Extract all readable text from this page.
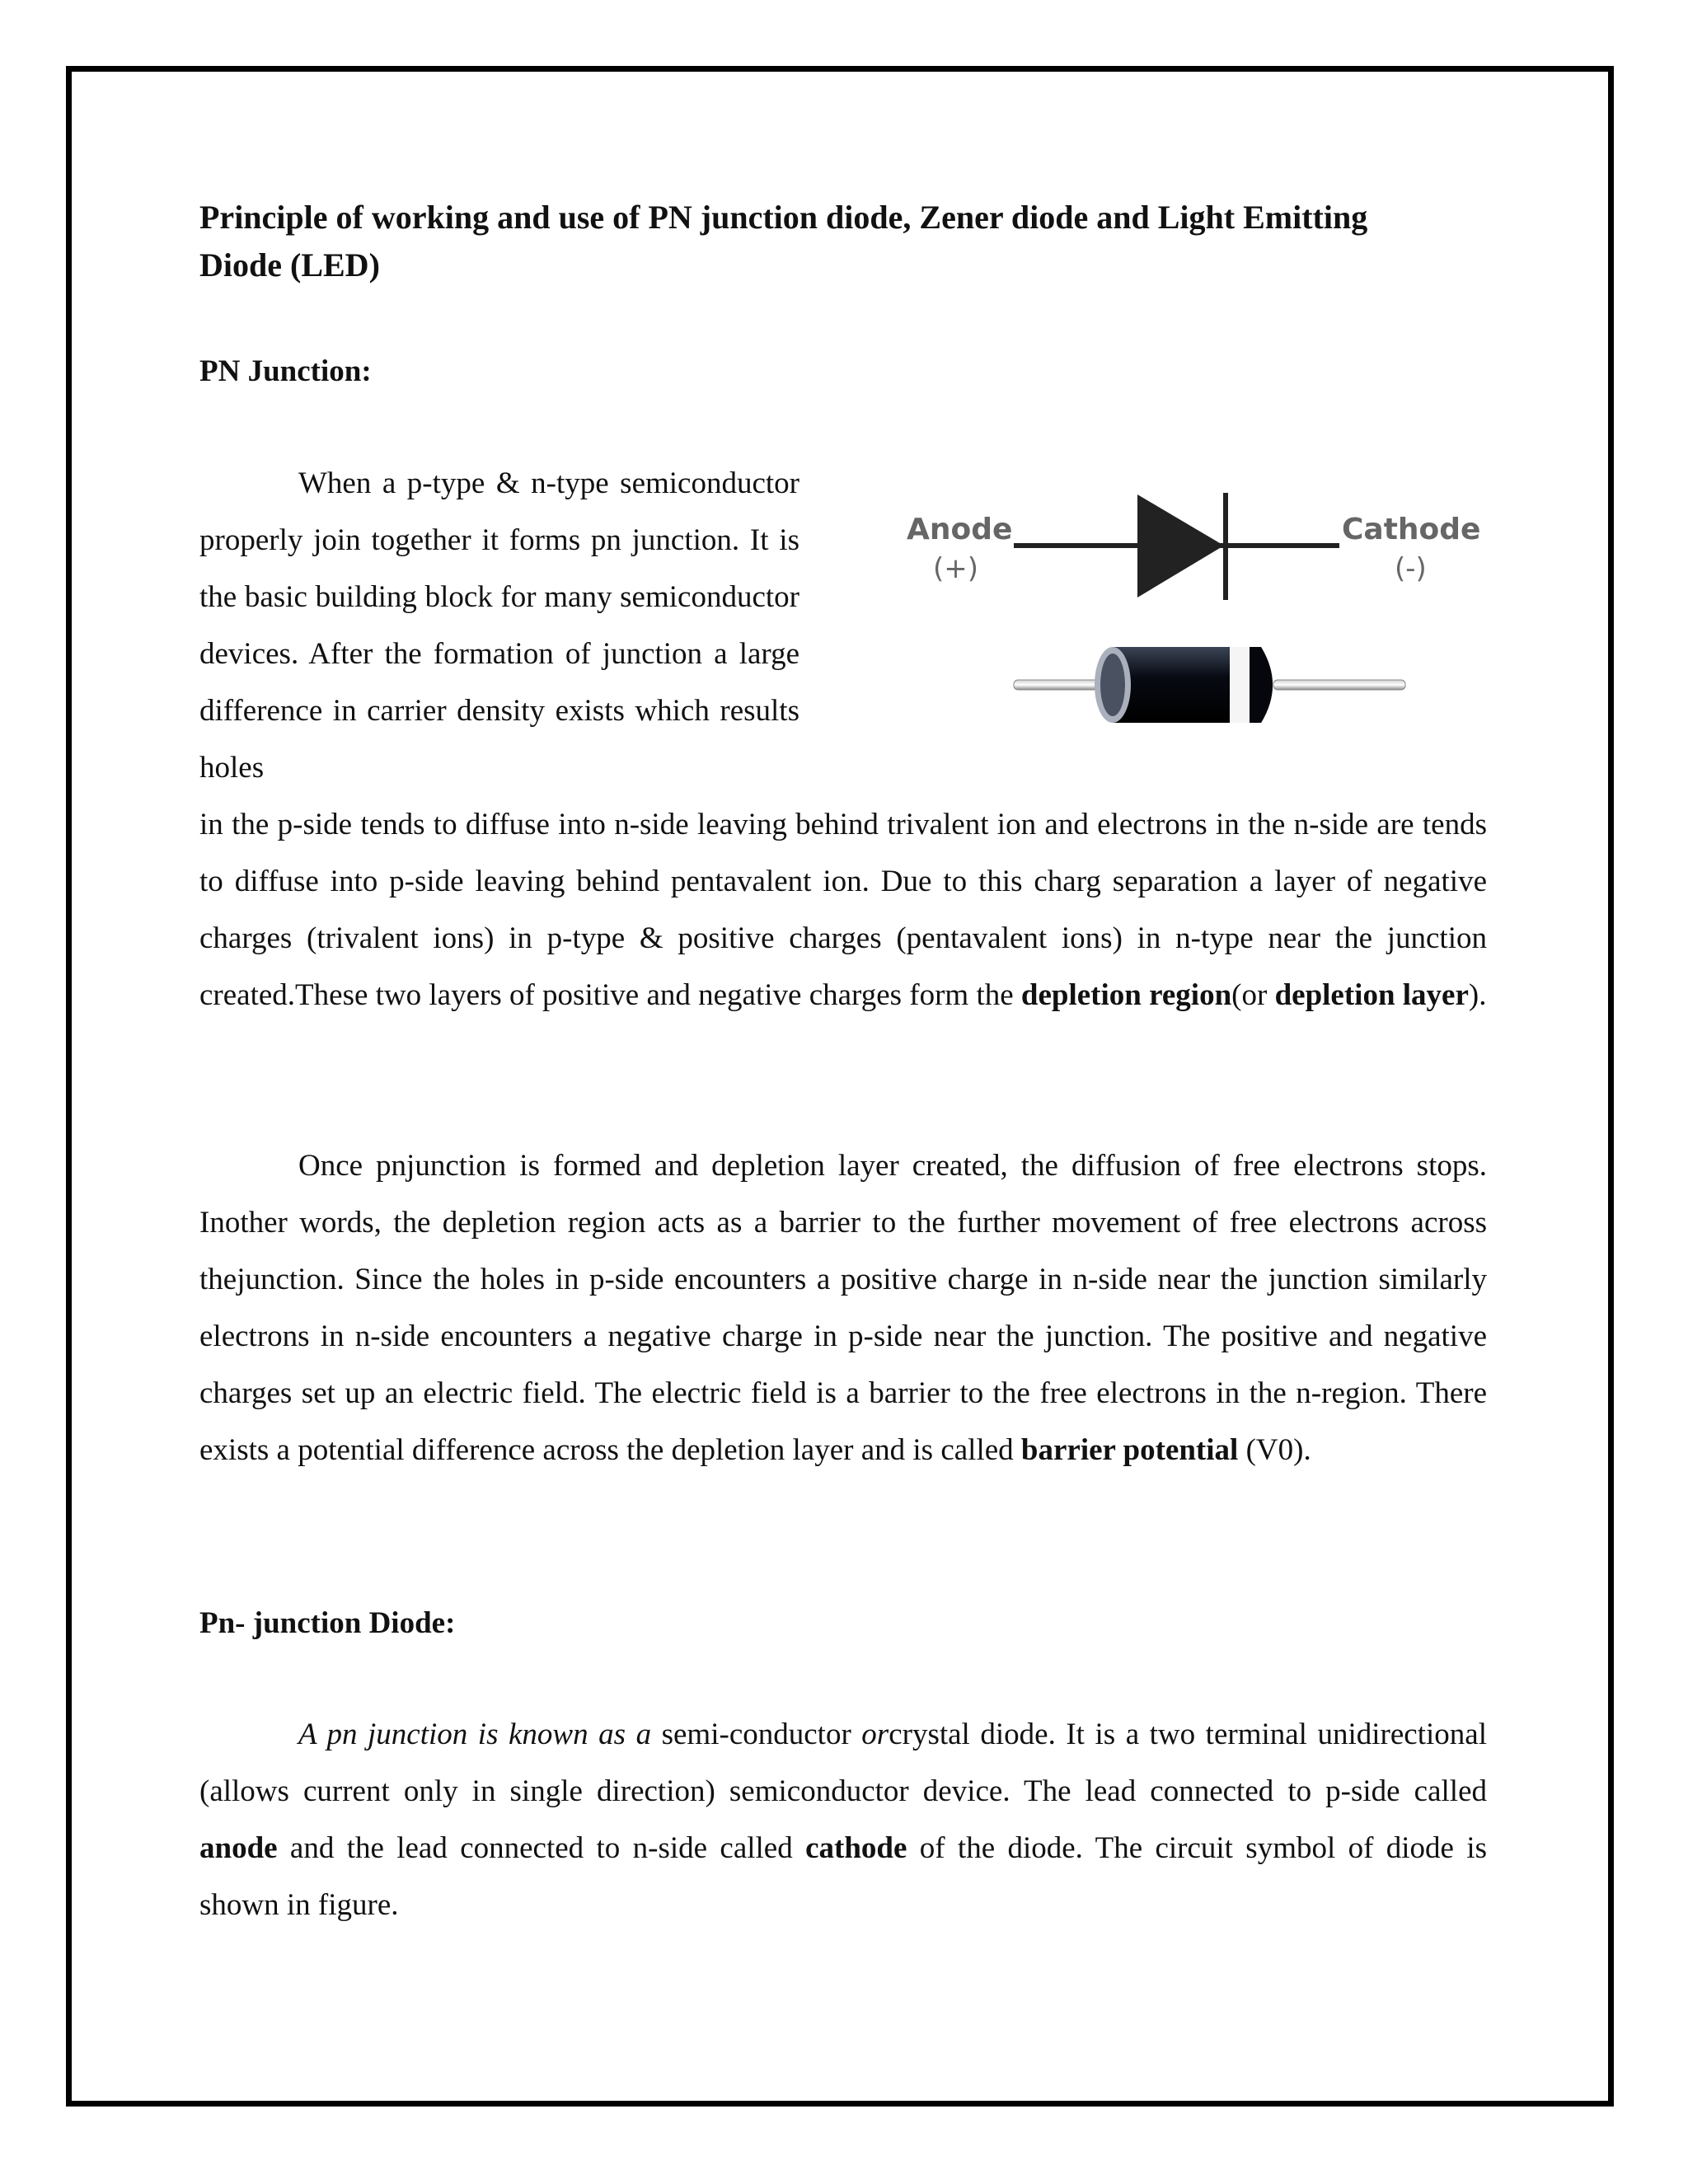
Principle of working and use of PN junction diode, Zener diode and Light Emitting Diode (LED)
PN Junction:

When a p-type & n-type semiconductor properly join together it forms pn junction. It is the basic building block for many semiconductor devices. After the formation of junction a large difference in carrier density exists which results holes

Anode
(+)
Cathode
(-)

in the p-side tends to diffuse into n-side leaving behind trivalent ion and electrons in the n-side are tends to diffuse into p-side leaving behind pentavalent ion. Due to this charg separation a layer of negative charges (trivalent ions) in p-type & positive charges (pentavalent ions) in n-type near the junction created.These two layers of positive and negative charges form the depletion region(or depletion layer).

Once pnjunction is formed and depletion layer created, the diffusion of free electrons stops. Inother words, the depletion region acts as a barrier to the further movement of free electrons across thejunction. Since the holes in p-side encounters a positive charge in n-side near the junction similarly electrons in n-side encounters a negative charge in p-side near the junction. The positive and negative charges set up an electric field. The electric field is a barrier to the free electrons in the n-region. There exists a potential difference across the depletion layer and is called barrier potential (V0).

Pn- junction Diode:

A pn junction is known as a semi-conductor orcrystal diode. It is a two terminal unidirectional (allows current only in single direction) semiconductor device. The lead connected to p-side called anode and the lead connected to n-side called cathode of the diode. The circuit symbol of diode is shown in figure.
